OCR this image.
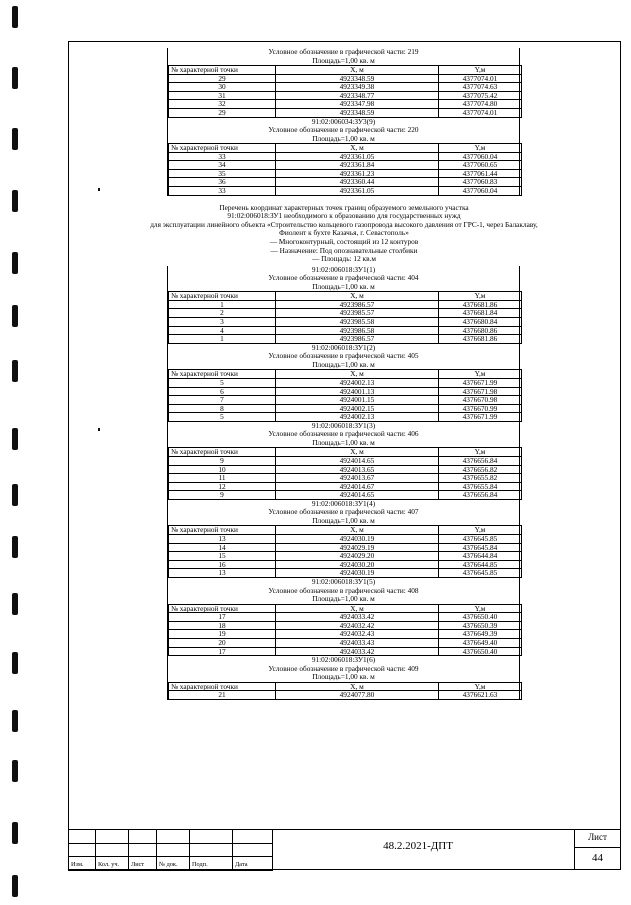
Условное обозначение в графической части: 219
Площадь=1,00 кв. м
№ характерной точки	X, м	Y,м
29	4923348.59	4377074.01
30	4923349.38	4377074.63
31	4923348.77	4377075.42
32	4923347.98	4377074.80
29	4923348.59	4377074.01
91:02:006034:ЗУ3(9)
Условное обозначение в графической части: 220
Площадь=1,00 кв. м
№ характерной точки	X, м	Y,м
33	4923361.05	4377060.04
34	4923361.84	4377060.65
35	4923361.23	4377061.44
36	4923360.44	4377060.83
33	4923361.05	4377060.04
Перечень координат характерных точек границ образуемого земельного участка
91:02:006018:ЗУ1 необходимого к образованию для государственных нужд
для эксплуатации линейного объекта «Строительство кольцевого газопровода высокого давления от ГРС-1, через Балаклаву,
Фиолент к бухте Казачья, г. Севастополь»
— Многоконтурный, состоящий из 12 контуров
— Назначение: Под опознавательные столбики
— Площадь: 12 кв.м
91:02:006018:ЗУ1(1)
Условное обозначение в графической части: 404
Площадь=1,00 кв. м
№ характерной точки	X, м	Y,м
1	4923986.57	4376681.86
2	4923985.57	4376681.84
3	4923985.58	4376680.84
4	4923986.58	4376680.86
1	4923986.57	4376681.86
91:02:006018:ЗУ1(2)
Условное обозначение в графической части: 405
Площадь=1,00 кв. м
№ характерной точки	X, м	Y,м
5	4924002.13	4376671.99
6	4924001.13	4376671.98
7	4924001.15	4376670.98
8	4924002.15	4376670.99
5	4924002.13	4376671.99
91:02:006018:ЗУ1(3)
Условное обозначение в графической части: 406
Площадь=1,00 кв. м
№ характерной точки	X, м	Y,м
9	4924014.65	4376656.84
10	4924013.65	4376656.82
11	4924013.67	4376655.82
12	4924014.67	4376655.84
9	4924014.65	4376656.84
91:02:006018:ЗУ1(4)
Условное обозначение в графической части: 407
Площадь=1,00 кв. м
№ характерной точки	X, м	Y,м
13	4924030.19	4376645.85
14	4924029.19	4376645.84
15	4924029.20	4376644.84
16	4924030.20	4376644.85
13	4924030.19	4376645.85
91:02:006018:ЗУ1(5)
Условное обозначение в графической части: 408
Площадь=1,00 кв. м
№ характерной точки	X, м	Y,м
17	4924033.42	4376650.40
18	4924032.42	4376650.39
19	4924032.43	4376649.39
20	4924033.43	4376649.40
17	4924033.42	4376650.40
91:02:006018:ЗУ1(6)
Условное обозначение в графической части: 409
Площадь=1,00 кв. м
№ характерной точки	X, м	Y,м
21	4924077.80	4376621.63
Изм. Кол. уч. Лист № док. Подп.	Дата
48.2.2021-ДПТ
Лист
44
